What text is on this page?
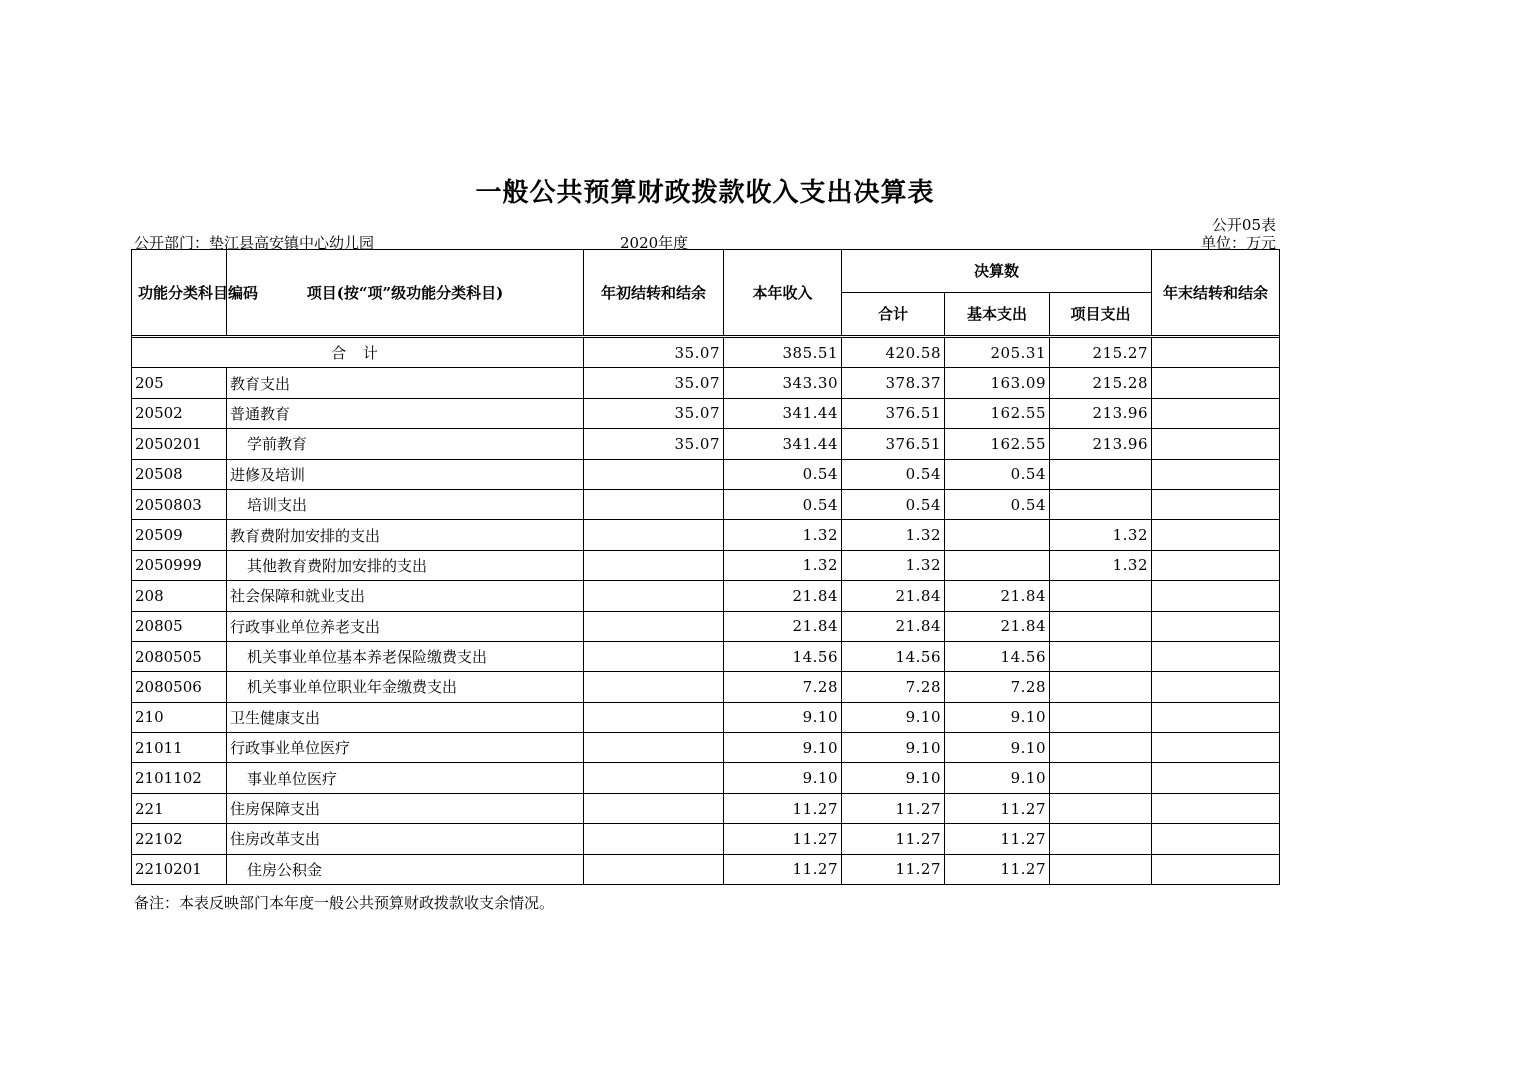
一般公共预算财政拨款收入支出决算表
公开05表
公开部门：垫江县高安镇中心幼儿园	2020年度	单位：万元
功能分类科目编码	项目(按“项”级功能分类科目)	年初结转和结余	本年收入	决算数			年末结转和结余
				合计	基本支出	项目支出	

合 计		35.07	385.51	420.58	205.31	215.27	
205	教育支出	35.07	343.30	378.37	163.09	215.28	
20502	普通教育	35.07	341.44	376.51	162.55	213.96	
2050201	学前教育	35.07	341.44	376.51	162.55	213.96	
20508	进修及培训		0.54	0.54	0.54		
2050803	培训支出		0.54	0.54	0.54		
20509	教育费附加安排的支出		1.32	1.32		1.32	
2050999	其他教育费附加安排的支出		1.32	1.32		1.32	
208	社会保障和就业支出		21.84	21.84	21.84		
20805	行政事业单位养老支出		21.84	21.84	21.84		
2080505	机关事业单位基本养老保险缴费支出		14.56	14.56	14.56		
2080506	机关事业单位职业年金缴费支出		7.28	7.28	7.28		
210	卫生健康支出		9.10	9.10	9.10		
21011	行政事业单位医疗		9.10	9.10	9.10		
2101102	事业单位医疗		9.10	9.10	9.10		
221	住房保障支出		11.27	11.27	11.27		
22102	住房改革支出		11.27	11.27	11.27		
2210201	住房公积金		11.27	11.27	11.27		
备注：本表反映部门本年度一般公共预算财政拨款收支余情况。
